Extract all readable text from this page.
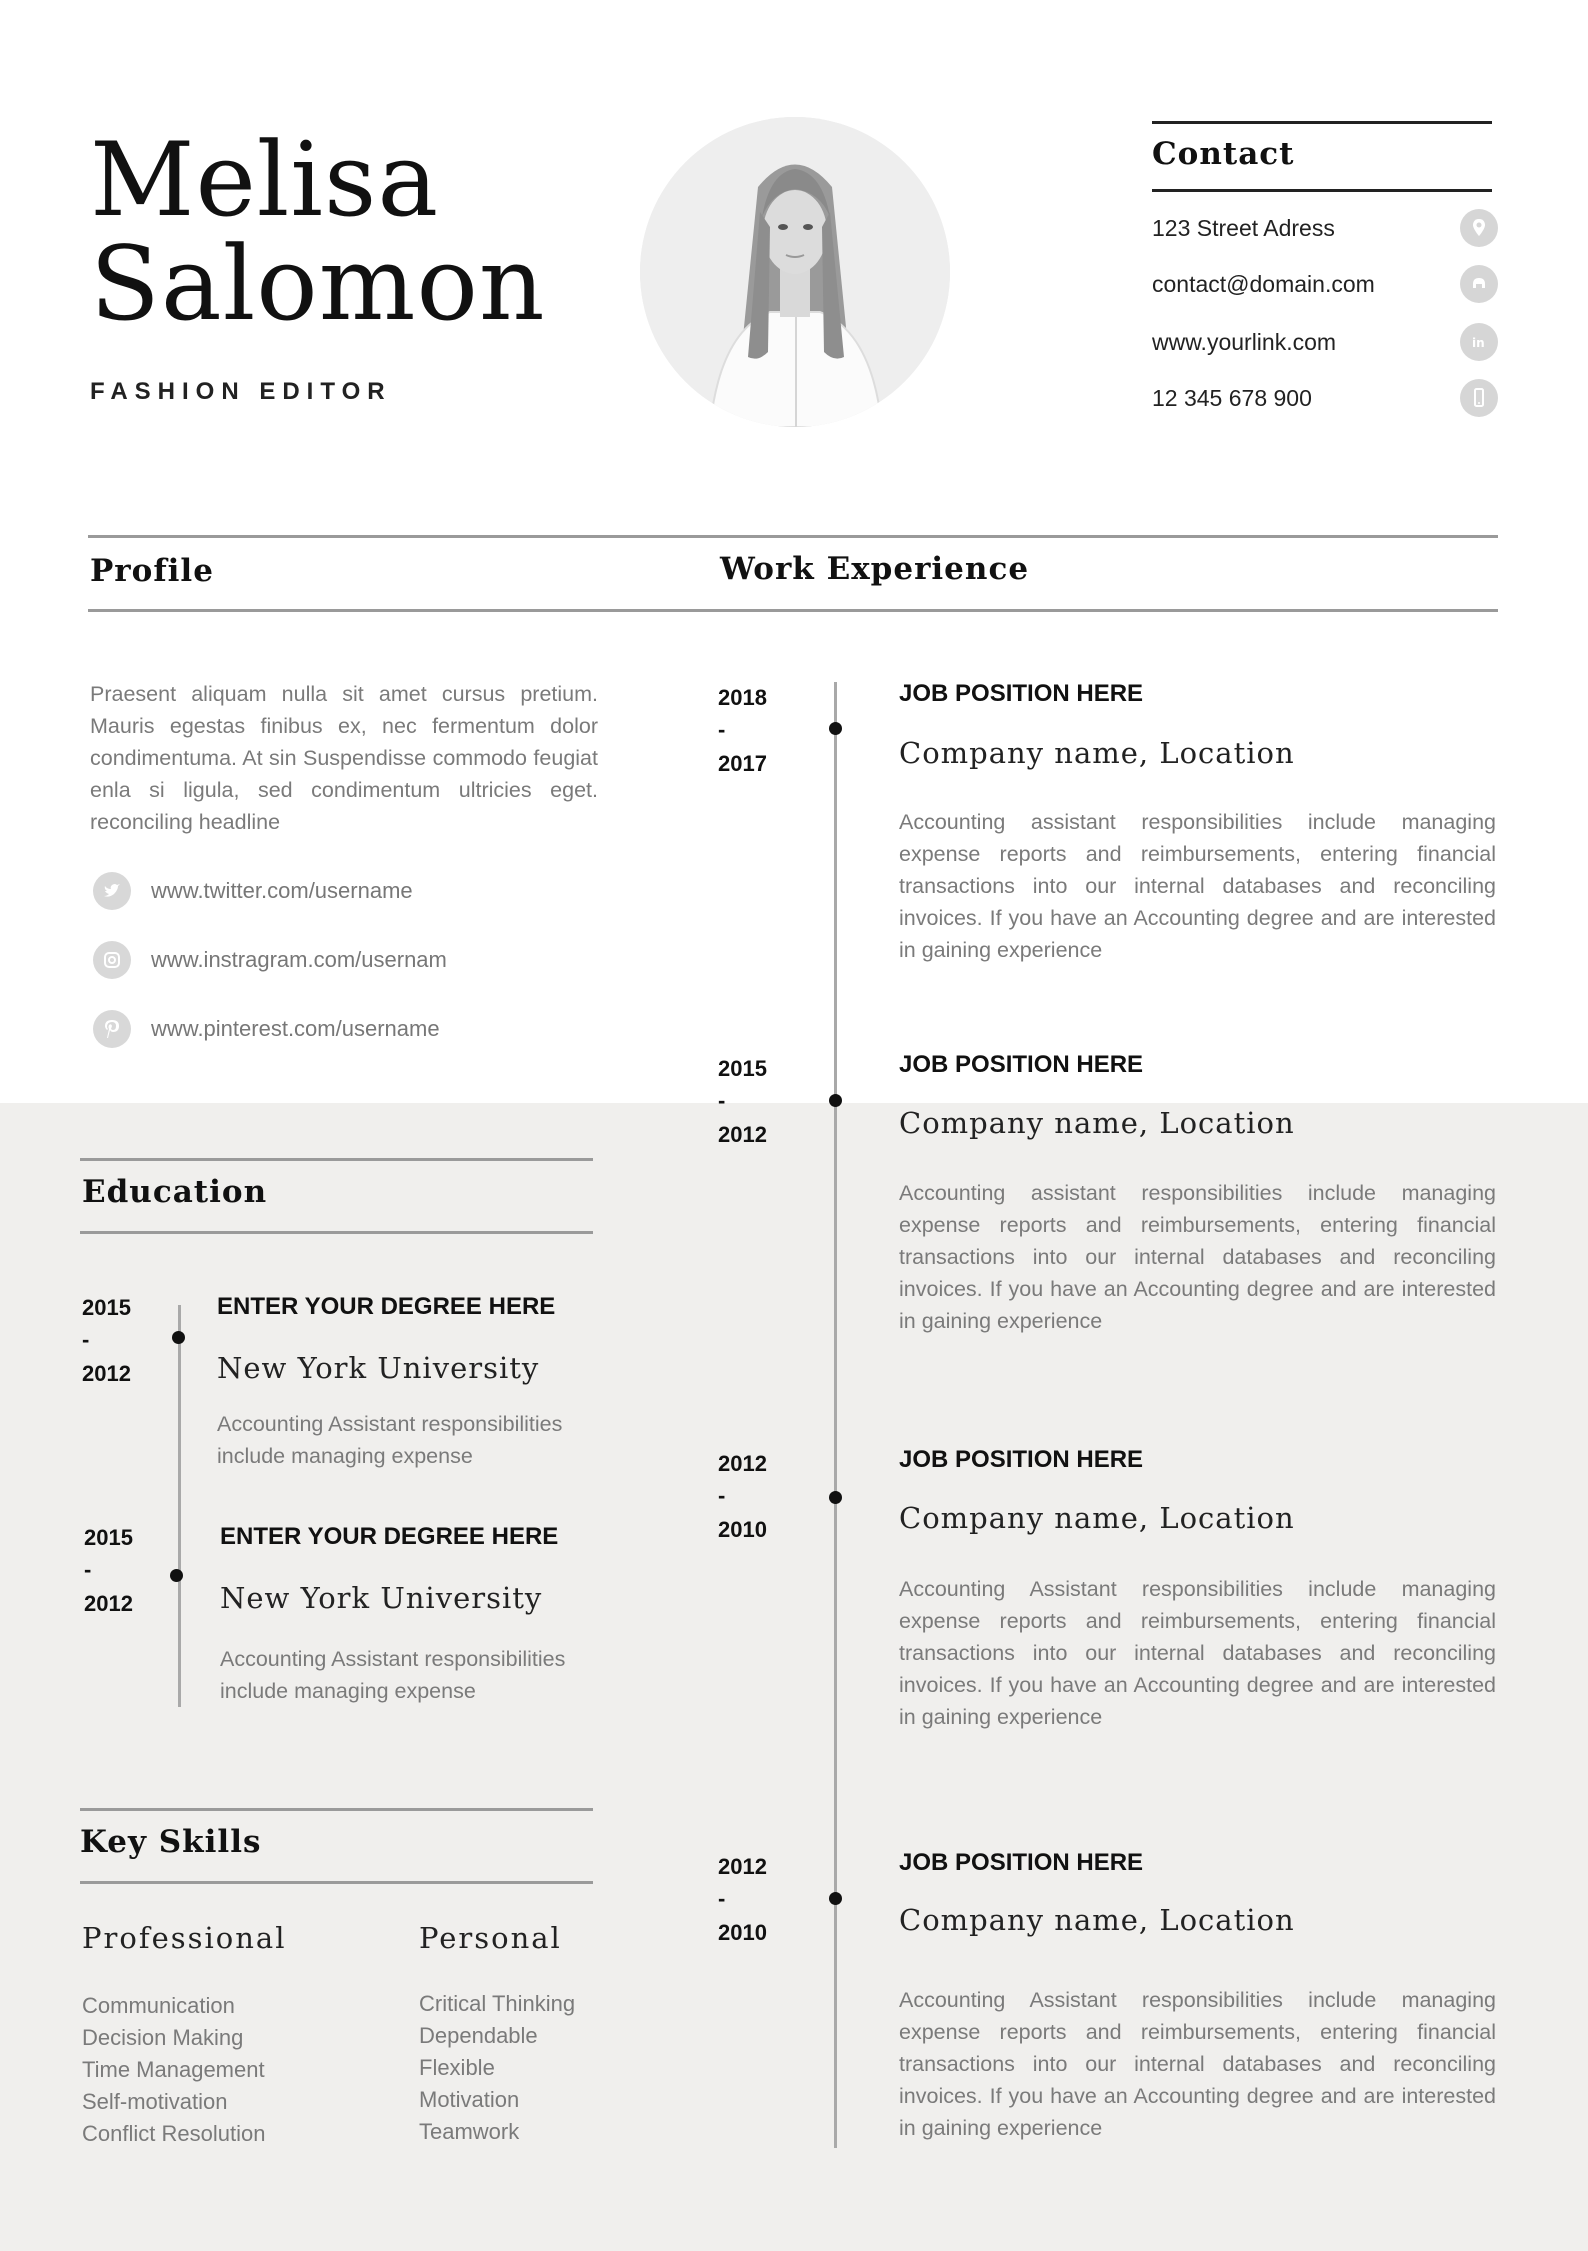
Melisa
Salomon
FASHION EDITOR
Contact
123 Street Adress
contact@domain.com
www.yourlink.com	in
12 345 678 900
Profile	Work Experience
Praesent aliquam nulla sit amet cursus pretium. Mauris egestas finibus ex, nec fermentum dolor condimentuma. At sin Suspendisse commodo feugiat enla si ligula, sed condimentum ultricies eget. reconciling headline
www.twitter.com/username
www.instragram.com/usernam
www.pinterest.com/username
2018
-
2017
JOB POSITION HERE
Company name, Location
Accounting assistant responsibilities include managing expense reports and reimbursements, entering financial transactions into our internal databases and reconciling invoices. If you have an Accounting degree and are interested in gaining experience
2015
-
2012
JOB POSITION HERE
Company name, Location
Accounting assistant responsibilities include managing expense reports and reimbursements, entering financial transactions into our internal databases and reconciling invoices. If you have an Accounting degree and are interested in gaining experience
2012
-
2010
JOB POSITION HERE
Company name, Location
Accounting Assistant responsibilities include managing expense reports and reimbursements, entering financial transactions into our internal databases and reconciling invoices. If you have an Accounting degree and are interested in gaining experience
2012
-
2010
JOB POSITION HERE
Company name, Location
Accounting Assistant responsibilities include managing expense reports and reimbursements, entering financial transactions into our internal databases and reconciling invoices. If you have an Accounting degree and are interested in gaining experience
Education
2015
-
2012
ENTER YOUR DEGREE HERE
New York University
Accounting Assistant responsibilities include managing expense
2015
-
2012
ENTER YOUR DEGREE HERE
New York University
Accounting Assistant responsibilities include managing expense
Key Skills
Professional
Communication
Decision Making
Time Management
Self-motivation
Conflict Resolution
Personal
Critical Thinking
Dependable
Flexible
Motivation
Teamwork
